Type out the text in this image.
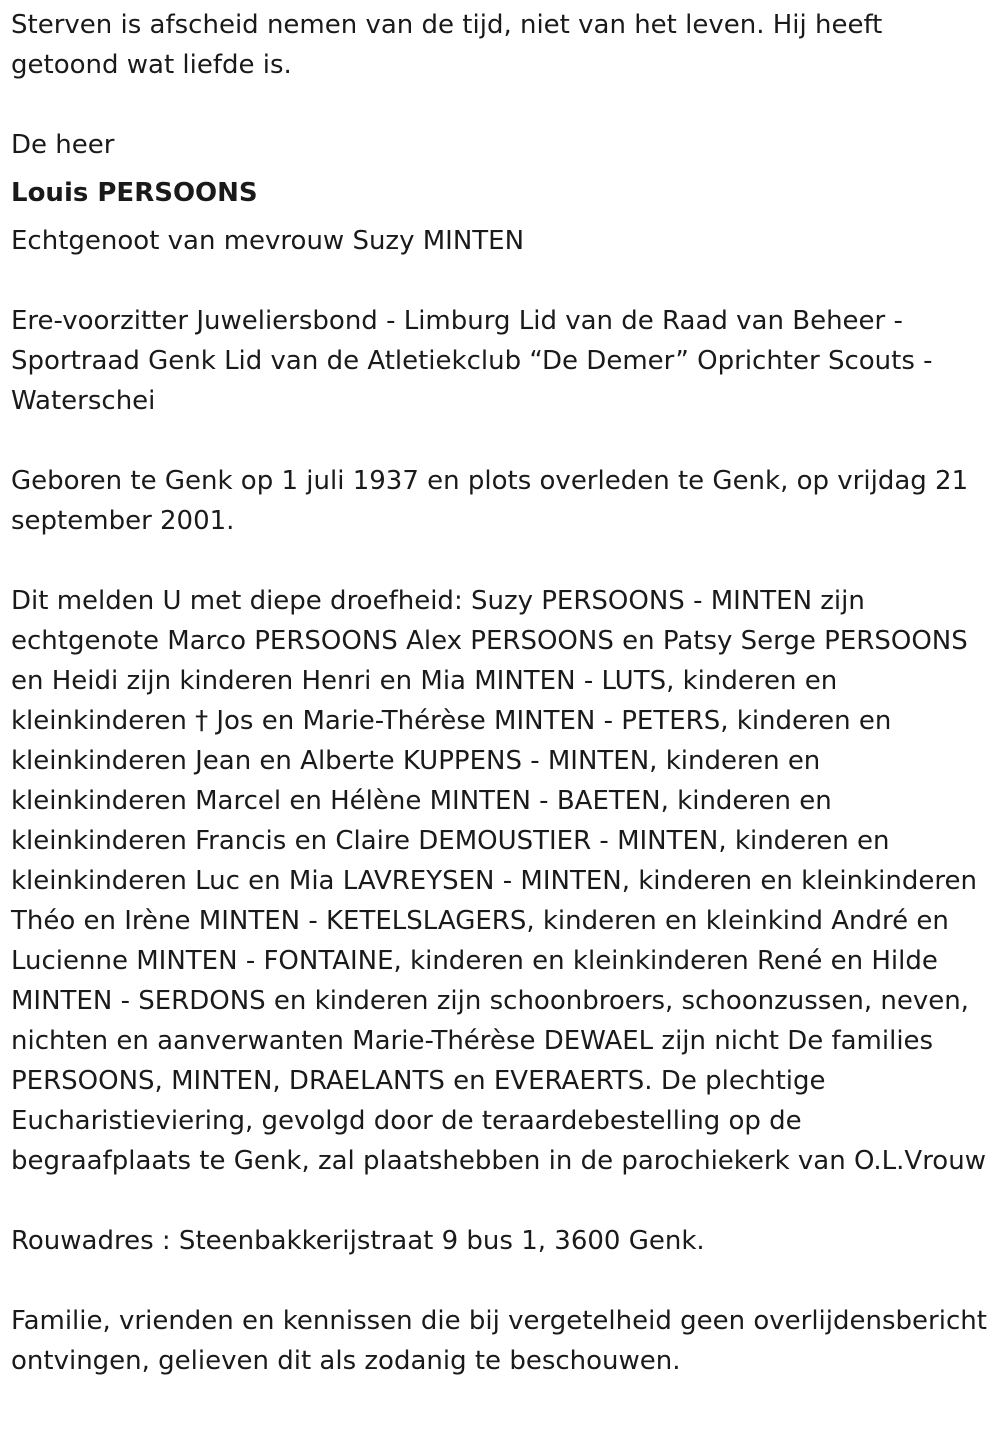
Sterven is afscheid nemen van de tijd, niet van het leven. Hij heeft getoond wat liefde is.

De heer

Louis PERSOONS

Echtgenoot van mevrouw Suzy MINTEN

Ere-voorzitter Juweliersbond - Limburg Lid van de Raad van Beheer - Sportraad Genk Lid van de Atletiekclub “De Demer” Oprichter Scouts - Waterschei

Geboren te Genk op 1 juli 1937 en plots overleden te Genk, op vrijdag 21 september 2001.

Dit melden U met diepe droefheid: Suzy PERSOONS - MINTEN zijn echtgenote Marco PERSOONS Alex PERSOONS en Patsy Serge PERSOONS en Heidi zijn kinderen Henri en Mia MINTEN - LUTS, kinderen en kleinkinderen † Jos en Marie-Thérèse MINTEN - PETERS, kinderen en kleinkinderen Jean en Alberte KUPPENS - MINTEN, kinderen en kleinkinderen Marcel en Hélène MINTEN - BAETEN, kinderen en kleinkinderen Francis en Claire DEMOUSTIER - MINTEN, kinderen en kleinkinderen Luc en Mia LAVREYSEN - MINTEN, kinderen en kleinkinderen Théo en Irène MINTEN - KETELSLAGERS, kinderen en kleinkind André en Lucienne MINTEN - FONTAINE, kinderen en kleinkinderen René en Hilde MINTEN - SERDONS en kinderen zijn schoonbroers, schoonzussen, neven, nichten en aanverwanten Marie-Thérèse DEWAEL zijn nicht De families PERSOONS, MINTEN, DRAELANTS en EVERAERTS. De plechtige Eucharistieviering, gevolgd door de teraardebestelling op de begraafplaats te Genk, zal plaatshebben in de parochiekerk van O.L.Vrouw

Rouwadres : Steenbakkerijstraat 9 bus 1, 3600 Genk.

Familie, vrienden en kennissen die bij vergetelheid geen overlijdensbericht ontvingen, gelieven dit als zodanig te beschouwen.
